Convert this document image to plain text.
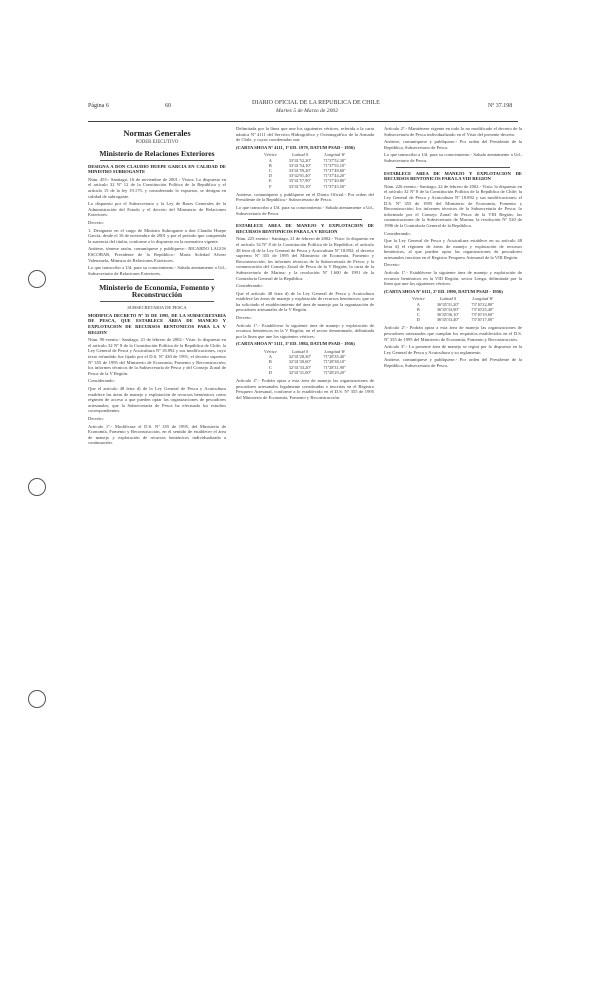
Página 6	60	DIARIO OFICIAL DE LA REPUBLICA DE CHILE
Martes 5 de Marzo de 2002
Nº 37.198
Normas Generales
PODER EJECUTIVO
Ministerio de Relaciones Exteriores

DESIGNA A DON CLAUDIO HUEPE GARCIA EN CALIDAD DE MINISTRO SUBROGANTE

Núm. 455.- Santiago, 16 de noviembre de 2001.- Vistos: Lo dispuesto en el artículo 32 Nº 12 de la Constitución Política de la República y el artículo 15 de la ley 19.175, y considerando lo expuesto, se designa en calidad de subrogante.

Lo dispuesto por el Subsecretario y la Ley de Bases Generales de la Administración del Estado y el decreto del Ministerio de Relaciones Exteriores.

Decreto:

1. Designase en el cargo de Ministro Subrogante a don Claudio Huepe García, desde el 16 de noviembre de 2001 y por el período que comprenda la ausencia del titular, conforme a lo dispuesto en la normativa vigente.

Anótese, tómese razón, comuníquese y publíquese.- RICARDO LAGOS ESCOBAR, Presidente de la República.- María Soledad Alvear Valenzuela, Ministra de Relaciones Exteriores.

Lo que transcribo a Ud. para su conocimiento.- Saluda atentamente a Ud., Subsecretario de Relaciones Exteriores.

Ministerio de Economía, Fomento y Reconstrucción
SUBSECRETARIA DE PESCA

MODIFICA DECRETO Nº 35 DE 1995, DE LA SUBSECRETARIA DE PESCA, QUE ESTABLECE ÁREA DE MANEJO Y EXPLOTACION DE RECURSOS BENTONICOS PARA LA V REGION

Núm. 90 exento.- Santiago, 21 de febrero de 2002.- Visto: lo dispuesto en el artículo 32 Nº 8 de la Constitución Política de la República de Chile; la Ley General de Pesca y Acuicultura Nº 18.892 y sus modificaciones, cuyo texto refundido fue fijado por el D.S. Nº 430 de 1991; el decreto supremo Nº 355 de 1995 del Ministerio de Economía, Fomento y Reconstrucción; los informes técnicos de la Subsecretaría de Pesca y del Consejo Zonal de Pesca de la V Región.

Considerando:

Que el artículo 48 letra d) de la Ley General de Pesca y Acuicultura establece las áreas de manejo y explotación de recursos bentónicos como régimen de acceso a que pueden optar las organizaciones de pescadores artesanales; que la Subsecretaría de Pesca ha efectuado los estudios correspondientes.

Decreto:

Artículo 1º.- Modifícase el D.S. Nº 355 de 1995, del Ministerio de Economía, Fomento y Reconstrucción, en el sentido de establecer el área de manejo y explotación de recursos bentónicos individualizada a continuación.

Delimitada por la línea que une los siguientes vértices, referida a la carta náutica Nº 4111 del Servicio Hidrográfico y Oceanográfico de la Armada de Chile, y cuyas coordenadas son:

(CARTA SHOA Nº 4111, 1ª ED. 1979, DATUM PSAD - 1956)

Vértice	Latitud S	Longitud W
A	33º41'52,20"	71º37'52,30"
B	33º41'54,10"	71º37'55,10"
C	33º41'59,20"	71º37'48,60"
D	33º42'01,40"	71º37'44,20"
E	33º41'57,90"	71º37'40,80"
F	33º41'55,10"	71º37'45,50"

Anótese, comuníquese y publíquese en el Diario Oficial.- Por orden del Presidente de la República.- Subsecretario de Pesca.

Lo que transcribo a Ud. para su conocimiento.- Saluda atentamente a Ud., Subsecretario de Pesca.

ESTABLECE AREA DE MANEJO Y EXPLOTACION DE RECURSOS BENTONICOS PARA LA V REGION

Núm. 225 exento.- Santiago, 21 de febrero de 2002.- Visto: lo dispuesto en el artículo 32 Nº 8 de la Constitución Política de la República; el artículo 48 letra d) de la Ley General de Pesca y Acuicultura Nº 18.892; el decreto supremo Nº 355 de 1995 del Ministerio de Economía, Fomento y Reconstrucción; los informes técnicos de la Subsecretaría de Pesca; y la comunicación del Consejo Zonal de Pesca de la V Región; la carta de la Subsecretaría de Marina; y la resolución Nº 1.600 de 1991 de la Contraloría General de la República.

Considerando:

Que el artículo 48 letra d) de la Ley General de Pesca y Acuicultura establece las áreas de manejo y explotación de recursos bentónicos; que se ha solicitado el establecimiento del área de manejo por la organización de pescadores artesanales de la V Región.

Decreto:

Artículo 1º.- Establécese la siguiente área de manejo y explotación de recursos bentónicos en la V Región, en el sector denominado, delimitada por la línea que une los siguientes vértices:

(CARTA SHOA Nº 5111, 3ª ED. 1984, DATUM PSAD - 1956)

Vértice	Latitud S	Longitud W
A	32º41'28,30"	71º28'35,40"
B	32º41'30,60"	71º28'38,10"
C	32º41'33,20"	71º28'31,90"
D	32º41'31,00"	71º28'29,20"

Artículo 2º.- Podrán optar a esta área de manejo las organizaciones de pescadores artesanales legalmente constituidas e inscritas en el Registro Pesquero Artesanal, conforme a lo establecido en el D.S. Nº 355 de 1995 del Ministerio de Economía, Fomento y Reconstrucción.

Artículo 2º.- Mantiénese vigente en todo lo no modificado el decreto de la Subsecretaría de Pesca individualizado en el Visto del presente decreto.

Anótese, comuníquese y publíquese.- Por orden del Presidente de la República, Subsecretario de Pesca.

Lo que transcribo a Ud. para su conocimiento.- Saluda atentamente a Ud., Subsecretario de Pesca.

ESTABLECE AREA DE MANEJO Y EXPLOTACION DE RECURSOS BENTONICOS PARA LA VIII REGION

Núm. 226 exento.- Santiago, 22 de febrero de 2002.- Visto: lo dispuesto en el artículo 32 Nº 8 de la Constitución Política de la República de Chile; la Ley General de Pesca y Acuicultura Nº 18.892 y sus modificaciones; el D.S. Nº 355 de 1995 del Ministerio de Economía, Fomento y Reconstrucción; los informes técnicos de la Subsecretaría de Pesca; lo informado por el Consejo Zonal de Pesca de la VIII Región; las comunicaciones de la Subsecretaría de Marina; la resolución Nº 520 de 1996 de la Contraloría General de la República.

Considerando:

Que la Ley General de Pesca y Acuicultura establece en su artículo 48 letra d) el régimen de áreas de manejo y explotación de recursos bentónicos, al que pueden optar las organizaciones de pescadores artesanales inscritas en el Registro Pesquero Artesanal de la VIII Región.

Decreto:

Artículo 1º.- Establécese la siguiente área de manejo y explotación de recursos bentónicos en la VIII Región, sector Lenga, delimitada por la línea que une los siguientes vértices:

(CARTA SHOA Nº 6111, 2ª ED. 1990, DATUM PSAD - 1956)

Vértice	Latitud S	Longitud W
A	36º45'31,20"	73º10'22,80"
B	36º45'33,90"	73º10'25,40"
C	36º45'36,10"	73º10'19,60"
D	36º45'33,40"	73º10'17,00"

Artículo 2º.- Podrán optar a esta área de manejo las organizaciones de pescadores artesanales que cumplan los requisitos establecidos en el D.S. Nº 355 de 1995 del Ministerio de Economía, Fomento y Reconstrucción.

Artículo 3º.- La presente área de manejo se regirá por lo dispuesto en la Ley General de Pesca y Acuicultura y su reglamento.

Anótese, comuníquese y publíquese.- Por orden del Presidente de la República, Subsecretario de Pesca.
